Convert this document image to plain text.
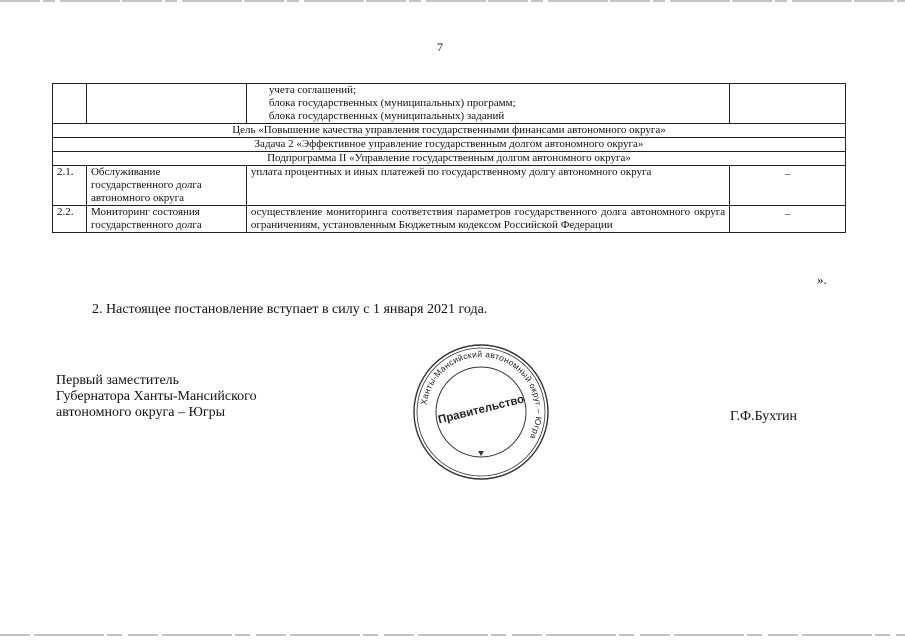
7

		учета соглашений;
блока государственных (муниципальных) программ;
блока государственных (муниципальных) заданий	

Цель «Повышение качества управления государственными финансами автономного округа»			
Задача 2 «Эффективное управление государственным долгом автономного округа»			
Подпрограмма II «Управление государственным долгом автономного округа»			
2.1.	Обслуживание государственного долга автономного округа	уплата процентных и иных платежей по государственному долгу автономного округа	–
2.2.	Мониторинг состояния государственного долга	осуществление мониторинга соответствия параметров государственного долга автономного округа ограничениям, установленным Бюджетным кодексом Российской Федерации	–
».
2. Настоящее постановление вступает в силу с 1 января 2021 года.
Первый заместитель
Губернатора Ханты-Мансийского
автономного округа – Югры
Ханты-Мансийский автономный округ – Югра
Правительство	Г.Ф.Бухтин
